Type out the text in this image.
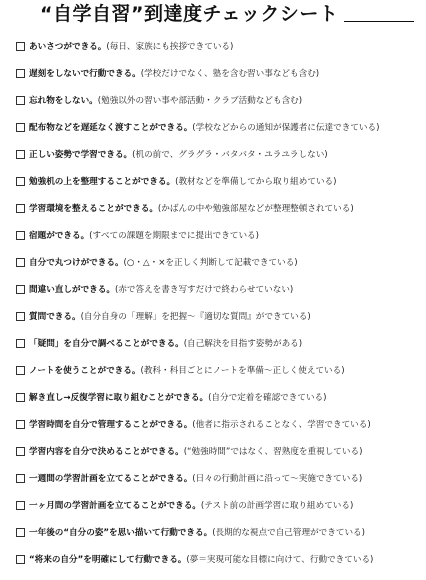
“自学自習”到達度チェックシート
あいさつができる。(毎日、家族にも挨拶できている)
遅刻をしないで行動できる。(学校だけでなく、塾を含む習い事なども含む)
忘れ物をしない。(勉強以外の習い事や部活動・クラブ活動なども含む)
配布物などを遅延なく渡すことができる。(学校などからの通知が保護者に伝達できている)
正しい姿勢で学習できる。(机の前で、グラグラ・バタバタ・ユラユラしない)
勉強机の上を整理することができる。(教材などを準備してから取り組めている)
学習環境を整えることができる。(かばんの中や勉強部屋などが整理整頓されている)
宿題ができる。(すべての課題を期限までに提出できている)
自分で丸つけができる。(○・△・×を正しく判断して記載できている)
間違い直しができる。(赤で答えを書き写すだけで終わらせていない)
質問できる。(自分自身の「理解」を把握～『適切な質問』ができている)
「疑問」を自分で調べることができる。(自己解決を目指す姿勢がある)
ノートを使うことができる。(教科・科目ごとにノートを準備～正しく使えている)
解き直し→反復学習に取り組むことができる。(自分で定着を確認できている)
学習時間を自分で管理することができる。(他者に指示されることなく、学習できている)
学習内容を自分で決めることができる。(“勉強時間”ではなく、習熟度を重視している)
一週間の学習計画を立てることができる。(日々の行動計画に沿って～実施できている)
一ヶ月間の学習計画を立てることができる。(テスト前の計画学習に取り組めている)
一年後の“自分の姿”を思い描いて行動できる。(長期的な視点で自己管理ができている)
“将来の自分”を明確にして行動できる。(夢＝実現可能な目標に向けて、行動できている)
